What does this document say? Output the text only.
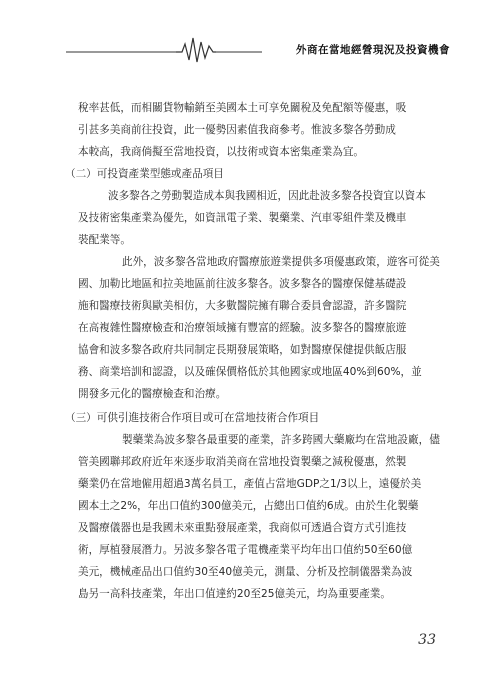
外商在當地經營現況及投資機會
稅率甚低，而相關貨物輸銷至美國本土可享免關稅及免配額等優惠，吸
引甚多美商前往投資，此一優勢因素值我商參考。惟波多黎各勞動成
本較高，我商倘擬至當地投資，以技術或資本密集產業為宜。
（二）可投資產業型態或產品項目
波多黎各之勞動製造成本與我國相近，因此赴波多黎各投資宜以資本
及技術密集產業為優先，如資訊電子業、製藥業、汽車零組件業及機車
裝配業等。
此外，波多黎各當地政府醫療旅遊業提供多項優惠政策，遊客可從美
國、加勒比地區和拉美地區前往波多黎各。波多黎各的醫療保健基礎設
施和醫療技術與歐美相仿，大多數醫院擁有聯合委員會認證，許多醫院
在高複雜性醫療檢查和治療領域擁有豐富的經驗。波多黎各的醫療旅遊
協會和波多黎各政府共同制定長期發展策略，如對醫療保健提供飯店服
務、商業培訓和認證，以及確保價格低於其他國家或地區40%到60%，並
開發多元化的醫療檢查和治療。
（三）可供引進技術合作項目或可在當地技術合作項目
製藥業為波多黎各最重要的產業，許多跨國大藥廠均在當地設廠，儘
管美國聯邦政府近年來逐步取消美商在當地投資製藥之減稅優惠，然製
藥業仍在當地僱用超過3萬名員工，產值占當地GDP之1/3以上，遠優於美
國本土之2%，年出口值約300億美元，占總出口值約6成。由於生化製藥
及醫療儀器也是我國未來重點發展產業，我商似可透過合資方式引進技
術，厚植發展潛力。另波多黎各電子電機產業平均年出口值約50至60億
美元，機械產品出口值約30至40億美元，測量、分析及控制儀器業為波
島另一高科技產業，年出口值達約20至25億美元，均為重要產業。
33
